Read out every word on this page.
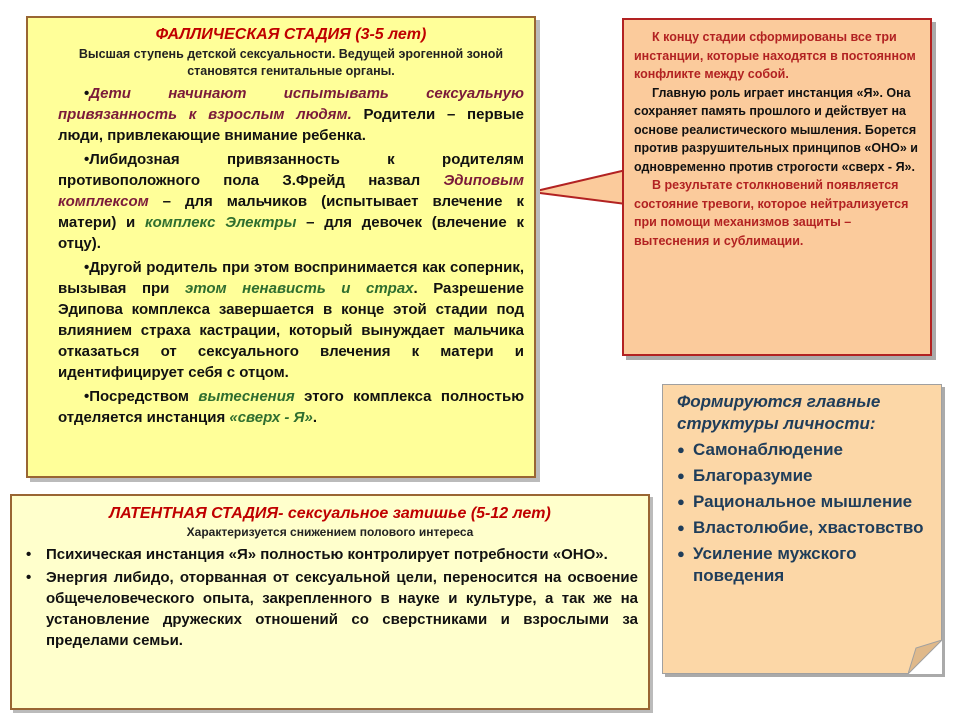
ФАЛЛИЧЕСКАЯ СТАДИЯ (3-5 лет)
Высшая ступень детской сексуальности. Ведущей эрогенной зоной становятся генитальные органы.
•Дети начинают испытывать сексуальную привязанность к взрослым людям. Родители – первые люди, привлекающие внимание ребенка.
•Либидозная привязанность к родителям противоположного пола З.Фрейд назвал Эдиповым комплексом – для мальчиков (испытывает влечение к матери) и комплекс Электры – для девочек (влечение к отцу).
•Другой родитель при этом воспринимается как соперник, вызывая при этом ненависть и страх. Разрешение Эдипова комплекса завершается в конце этой стадии под влиянием страха кастрации, который вынуждает мальчика отказаться от сексуального влечения к матери и идентифицирует себя с отцом.
•Посредством вытеснения этого комплекса полностью отделяется инстанция «сверх - Я».
К концу стадии сформированы все три инстанции, которые находятся в постоянном конфликте между собой.
Главную роль играет инстанция «Я». Она сохраняет память прошлого и действует на основе реалистического мышления. Борется против разрушительных принципов «ОНО» и одновременно против строгости «сверх - Я».
В результате столкновений появляется состояние тревоги, которое нейтрализуется при помощи механизмов защиты – вытеснения и сублимации.
Формируются главные структуры личности:
● Самонаблюдение
● Благоразумие
● Рациональное мышление
● Властолюбие, хвастовство
● Усиление мужского поведения
ЛАТЕНТНАЯ СТАДИЯ- сексуальное затишье (5-12 лет)
Характеризуется снижением полового интереса
• Психическая инстанция «Я» полностью контролирует потребности «ОНО».
• Энергия либидо, оторванная от сексуальной цели, переносится на освоение общечеловеческого опыта, закрепленного в науке и культуре, а так же на установление дружеских отношений со сверстниками и взрослыми за пределами семьи.
